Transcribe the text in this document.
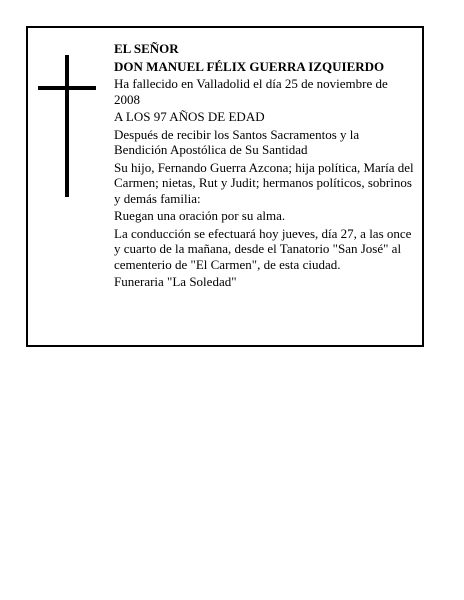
EL SEÑOR

DON MANUEL FÉLIX GUERRA IZQUIERDO

Ha fallecido en Valladolid el día 25 de noviembre de 2008

A LOS 97 AÑOS DE EDAD

Después de recibir los Santos Sacramentos y la Bendición Apostólica de Su Santidad

Su hijo, Fernando Guerra Azcona; hija política, María del Carmen; nietas, Rut y Judit; hermanos políticos, sobrinos y demás familia:

Ruegan una oración por su alma.

La conducción se efectuará hoy jueves, día 27, a las once y cuarto de la mañana, desde el Tanatorio "San José" al cementerio de "El Carmen", de esta ciudad.

Funeraria "La Soledad"
